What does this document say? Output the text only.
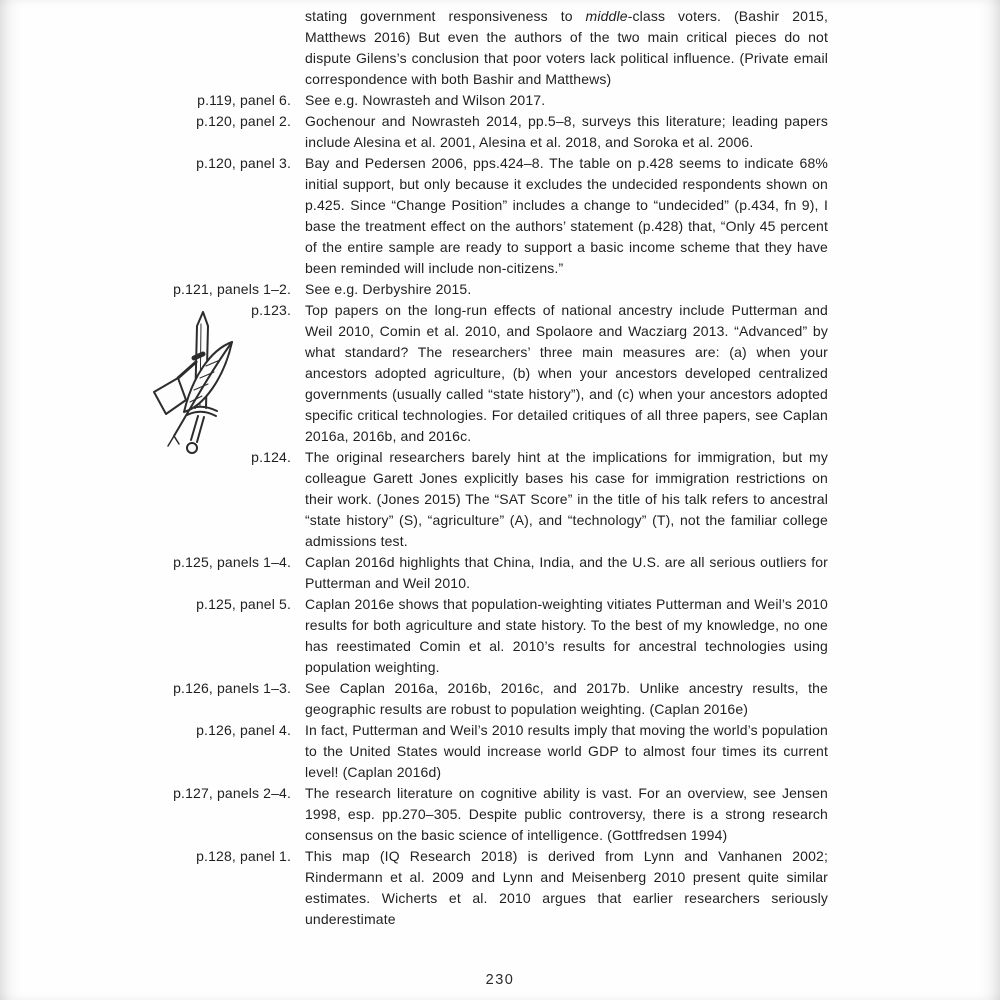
stating government responsiveness to middle-class voters. (Bashir 2015, Matthews 2016) But even the authors of the two main critical pieces do not dispute Gilens’s conclusion that poor voters lack political influence. (Private email correspondence with both Bashir and Matthews)
p.119, panel 6. See e.g. Nowrasteh and Wilson 2017.
p.120, panel 2. Gochenour and Nowrasteh 2014, pp.5–8, surveys this literature; leading papers include Alesina et al. 2001, Alesina et al. 2018, and Soroka et al. 2006.
p.120, panel 3. Bay and Pedersen 2006, pps.424–8. The table on p.428 seems to indicate 68% initial support, but only because it excludes the undecided respondents shown on p.425. Since “Change Position” includes a change to “undecided” (p.434, fn 9), I base the treatment effect on the authors’ statement (p.428) that, “Only 45 percent of the entire sample are ready to support a basic income scheme that they have been reminded will include non-citizens.”
p.121, panels 1–2. See e.g. Derbyshire 2015.
p.123. Top papers on the long-run effects of national ancestry include Putterman and Weil 2010, Comin et al. 2010, and Spolaore and Wacziarg 2013. “Advanced” by what standard? The researchers’ three main measures are: (a) when your ancestors adopted agriculture, (b) when your ancestors developed centralized governments (usually called “state history”), and (c) when your ancestors adopted specific critical technologies. For detailed critiques of all three papers, see Caplan 2016a, 2016b, and 2016c.
p.124. The original researchers barely hint at the implications for immigration, but my colleague Garett Jones explicitly bases his case for immigration restrictions on their work. (Jones 2015) The “SAT Score” in the title of his talk refers to ancestral “state history” (S), “agriculture” (A), and “technology” (T), not the familiar college admissions test.
p.125, panels 1–4. Caplan 2016d highlights that China, India, and the U.S. are all serious outliers for Putterman and Weil 2010.
p.125, panel 5. Caplan 2016e shows that population-weighting vitiates Putterman and Weil’s 2010 results for both agriculture and state history. To the best of my knowledge, no one has reestimated Comin et al. 2010’s results for ancestral technologies using population weighting.
p.126, panels 1–3. See Caplan 2016a, 2016b, 2016c, and 2017b. Unlike ancestry results, the geographic results are robust to population weighting. (Caplan 2016e)
p.126, panel 4. In fact, Putterman and Weil’s 2010 results imply that moving the world’s population to the United States would increase world GDP to almost four times its current level! (Caplan 2016d)
p.127, panels 2–4. The research literature on cognitive ability is vast. For an overview, see Jensen 1998, esp. pp.270–305. Despite public controversy, there is a strong research consensus on the basic science of intelligence. (Gottfredsen 1994)
p.128, panel 1. This map (IQ Research 2018) is derived from Lynn and Vanhanen 2002; Rindermann et al. 2009 and Lynn and Meisenberg 2010 present quite similar estimates. Wicherts et al. 2010 argues that earlier researchers seriously underestimate
230
